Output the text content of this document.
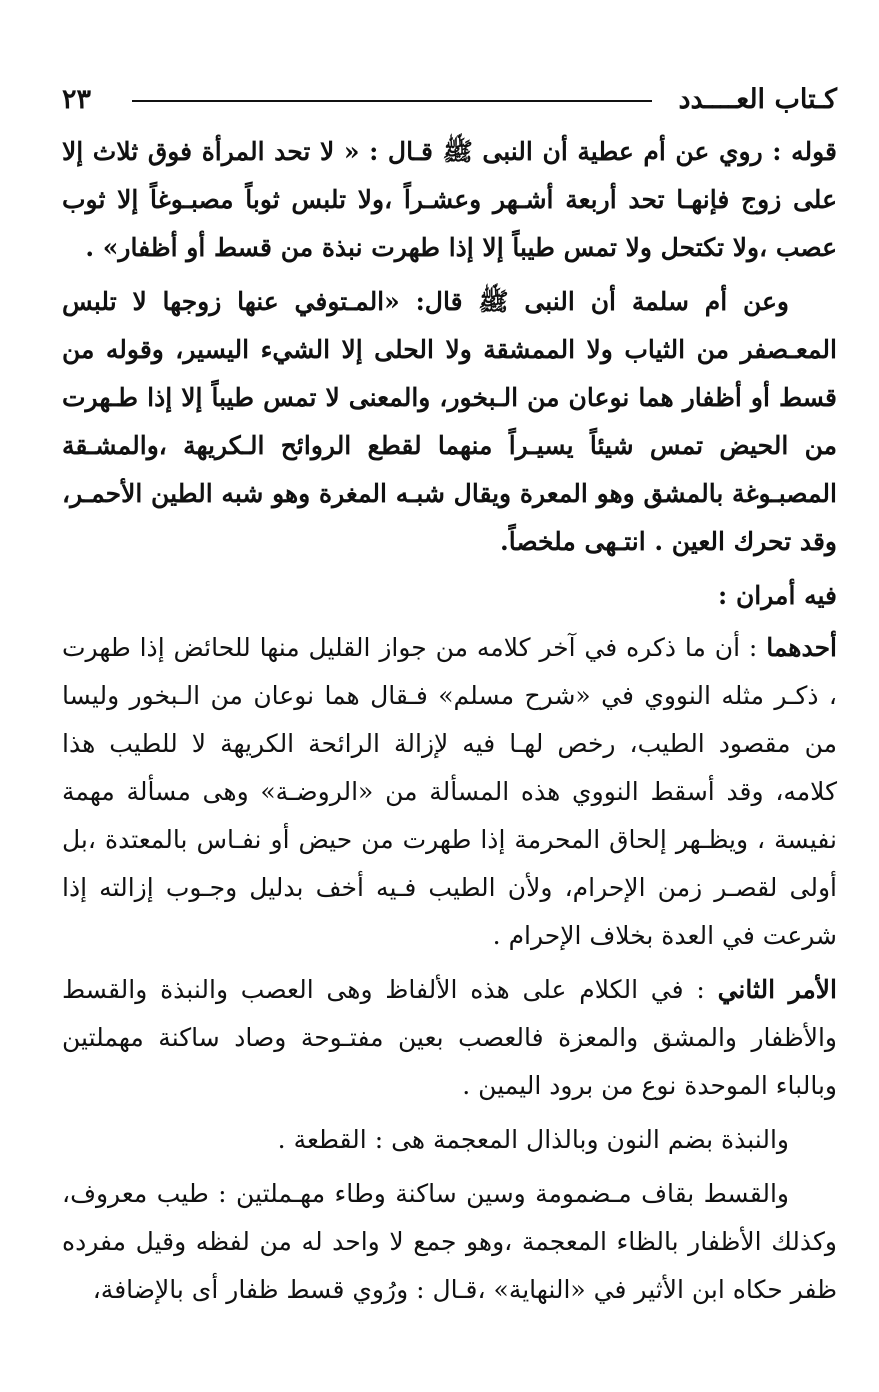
كـتاب العــــدد
٢٣

قوله : روي عن أم عطية أن النبى ﷺ قـال : « لا تحد المرأة فوق ثلاث إلا على زوج فإنهـا تحد أربعة أشـهر وعشـراً ،ولا تلبس ثوباً مصبـوغاً إلا ثوب عصب ،ولا تكتحل ولا تمس طيباً إلا إذا طهرت نبذة من قسط أو أظفار» .

وعن أم سلمة أن النبى ﷺ قال: «المـتوفي عنها زوجها لا تلبس المعـصفر من الثياب ولا الممشقة ولا الحلى إلا الشيء اليسير، وقوله من قسط أو أظفار هما نوعان من الـبخور، والمعنى لا تمس طيباً إلا إذا طـهرت من الحيض تمس شيئاً يسيـراً منهما لقطع الروائح الـكريهة ،والمشـقة المصبـوغة بالمشق وهو المعرة ويقال شبـه المغرة وهو شبه الطين الأحمـر، وقد تحرك العين . انتـهى ملخصاً.

فيه أمران :

أحدهما : أن ما ذكره في آخر كلامه من جواز القليل منها للحائض إذا طهرت ، ذكـر مثله النووي في «شرح مسلم» فـقال هما نوعان من الـبخور وليسا من مقصود الطيب، رخص لهـا فيه لإزالة الرائحة الكريهة لا للطيب هذا كلامه، وقد أسقط النووي هذه المسألة من «الروضـة» وهى مسألة مهمة نفيسة ، ويظـهر إلحاق المحرمة إذا طهرت من حيض أو نفـاس بالمعتدة ،بل أولى لقصـر زمن الإحرام، ولأن الطيب فـيه أخف بدليل وجـوب إزالته إذا شرعت في العدة بخلاف الإحرام .

الأمر الثاني : في الكلام على هذه الألفاظ وهى العصب والنبذة والقسط والأظفار والمشق والمعزة فالعصب بعين مفتـوحة وصاد ساكنة مهملتين وبالباء الموحدة نوع من برود اليمين .

والنبذة بضم النون وبالذال المعجمة هى : القطعة .

والقسط بقاف مـضمومة وسين ساكنة وطاء مهـملتين : طيب معروف، وكذلك الأظفار بالظاء المعجمة ،وهو جمع لا واحد له من لفظه وقيل مفرده ظفر حكاه ابن الأثير في «النهاية» ،قـال : ورُوي قسط ظفار أى بالإضافة،
